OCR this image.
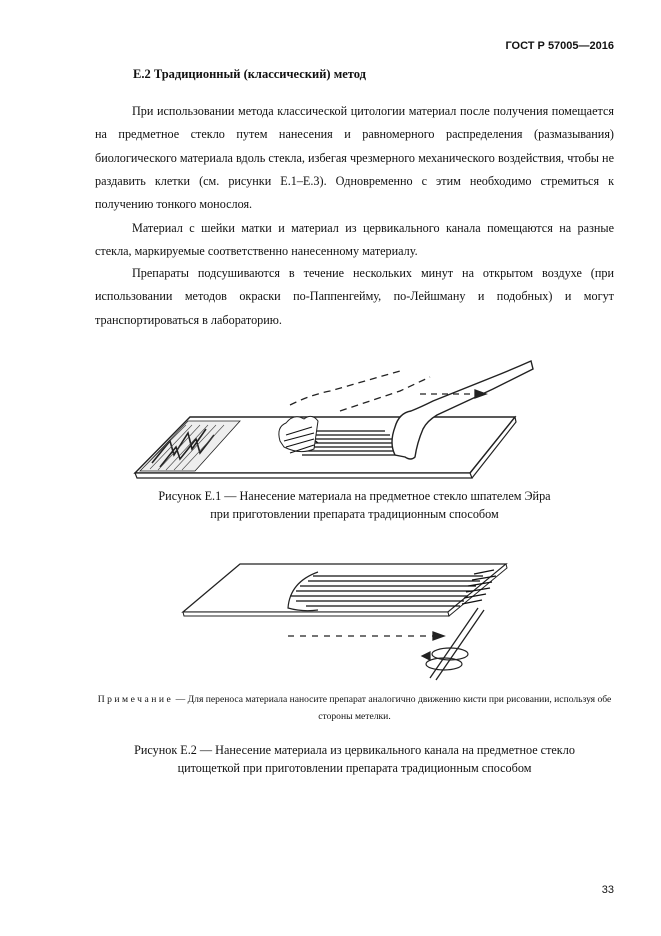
ГОСТ Р 57005—2016
Е.2 Традиционный (классический) метод

При использовании метода классической цитологии материал после получения помещается на предметное стекло путем нанесения и равномерного распределения (размазывания) биологического материала вдоль стекла, избегая чрезмерного механического воздействия, чтобы не раздавить клетки (см. рисунки Е.1–Е.3). Одновременно с этим необходимо стремиться к получению тонкого монослоя.

Материал с шейки матки и материал из цервикального канала помещаются на разные стекла, маркируемые соответственно нанесенному материалу.

Препараты подсушиваются в течение нескольких минут на открытом воздухе (при использовании методов окраски по-Паппенгейму, по-Лейшману и подобных) и могут транспортироваться в лабораторию.

Рисунок Е.1 — Нанесение материала на предметное стекло шпателем Эйра
при приготовлении препарата традиционным способом

Примечание — Для переноса материала наносите препарат аналогично движению кисти при рисовании, используя обе стороны метелки.

Рисунок Е.2 — Нанесение материала из цервикального канала на предметное стекло
цитощеткой при приготовлении препарата традиционным способом

33
